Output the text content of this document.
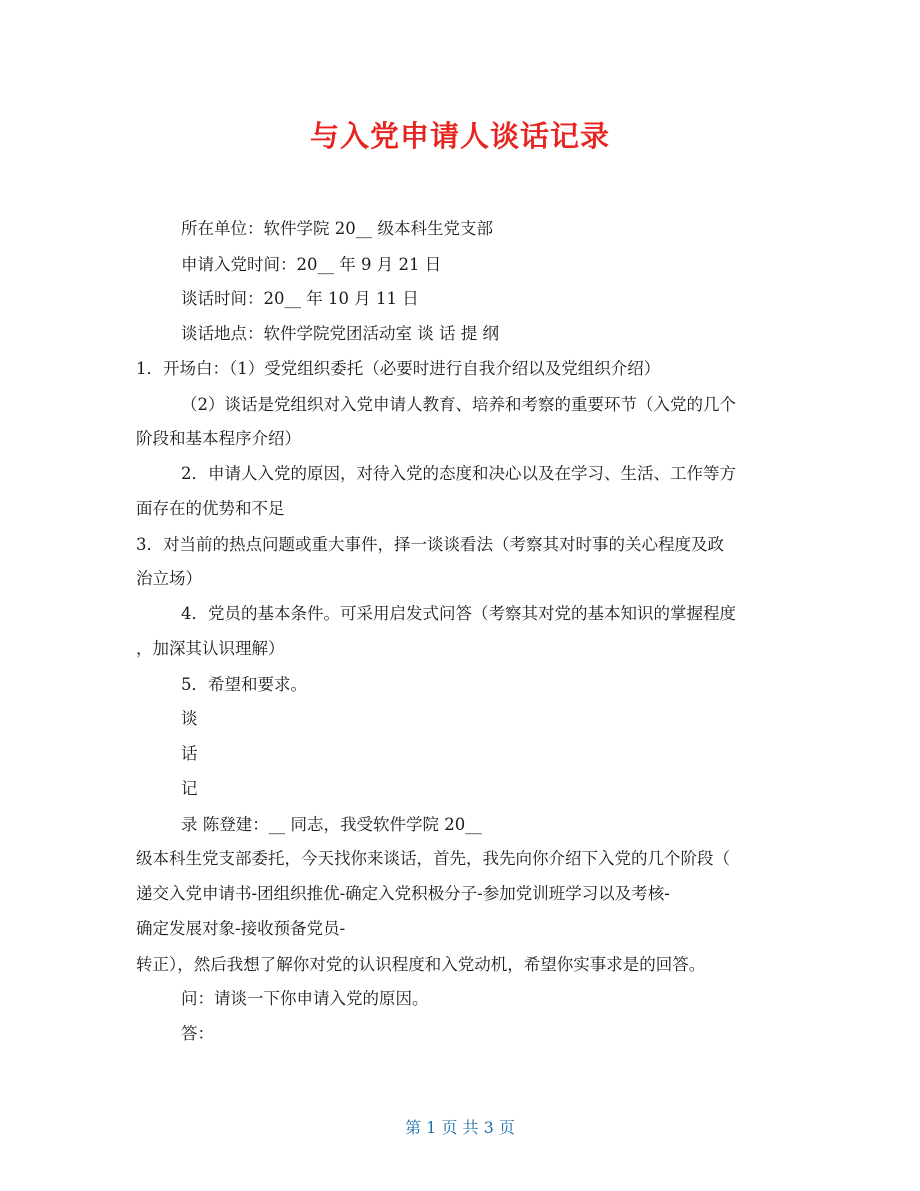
与入党申请人谈话记录
所在单位：软件学院 20__ 级本科生党支部
申请入党时间：20__ 年 9 月 21 日
谈话时间：20__ 年 10 月 11 日
谈话地点：软件学院党团活动室 谈 话 提 纲
1．开场白：（1）受党组织委托（必要时进行自我介绍以及党组织介绍）
（2）谈话是党组织对入党申请人教育、培养和考察的重要环节（入党的几个
阶段和基本程序介绍）
2．申请人入党的原因，对待入党的态度和决心以及在学习、生活、工作等方
面存在的优势和不足
3．对当前的热点问题或重大事件，择一谈谈看法（考察其对时事的关心程度及政
治立场）
4．党员的基本条件。可采用启发式问答（考察其对党的基本知识的掌握程度
，加深其认识理解）
5．希望和要求。
谈
话
记
录 陈登建：__ 同志，我受软件学院 20__
级本科生党支部委托，今天找你来谈话，首先，我先向你介绍下入党的几个阶段（
递交入党申请书-团组织推优-确定入党积极分子-参加党训班学习以及考核-
确定发展对象-接收预备党员-
转正），然后我想了解你对党的认识程度和入党动机，希望你实事求是的回答。
问：请谈一下你申请入党的原因。
答：
第 1 页 共 3 页
